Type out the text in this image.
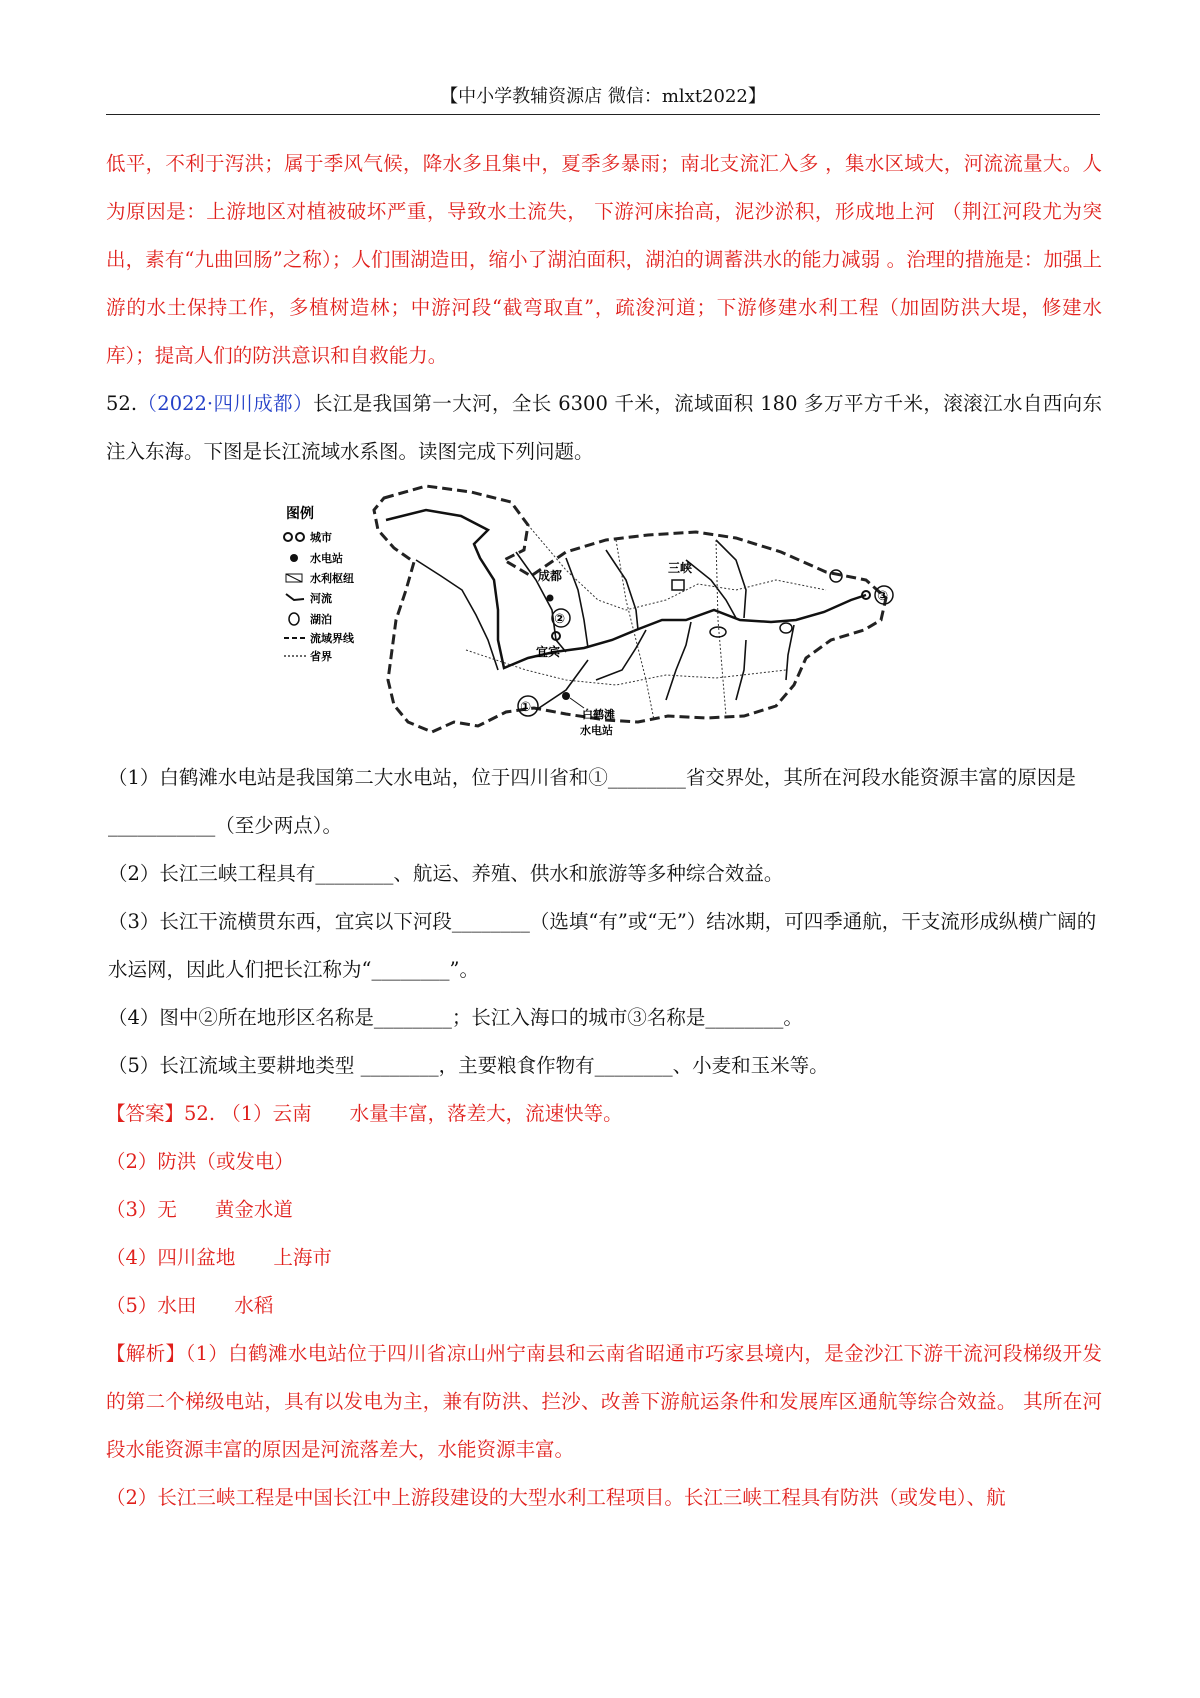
【中小学教辅资源店 微信：mlxt2022】

低平，不利于泻洪；属于季风气候，降水多且集中，夏季多暴雨；南北支流汇入多 ，集水区域大，河流流量大。人为原因是：上游地区对植被破坏严重，导致水土流失， 下游河床抬高，泥沙淤积，形成地上河 （荆江河段尤为突出，素有“九曲回肠”之称）；人们围湖造田，缩小了湖泊面积，湖泊的调蓄洪水的能力减弱 。治理的措施是：加强上游的水土保持工作，多植树造林；中游河段“截弯取直”，疏浚河道；下游修建水利工程（加固防洪大堤，修建水库）；提高人们的防洪意识和自救能力。

52.（2022·四川成都）长江是我国第一大河，全长 6300 千米，流域面积 180 多万平方千米，滚滚江水自西向东注入东海。下图是长江流域水系图。读图完成下列问题。

图例
城市
水电站
水利枢纽
河流
湖泊
流域界线
省界
成都
②
宜宾
三峡
③
①	白鹤滩
水电站

（1）白鹤滩水电站是我国第二大水电站，位于四川省和①________省交界处，其所在河段水能资源丰富的原因是___________（至少两点）。

（2）长江三峡工程具有________、航运、养殖、供水和旅游等多种综合效益。

（3）长江干流横贯东西，宜宾以下河段________（选填“有”或“无”）结冰期，可四季通航，干支流形成纵横广阔的水运网，因此人们把长江称为“________”。

（4）图中②所在地形区名称是________；长江入海口的城市③名称是________。

（5）长江流域主要耕地类型 ________，主要粮食作物有________、小麦和玉米等。

【答案】52. （1）云南 水量丰富，落差大，流速快等。

（2）防洪（或发电）

（3）无 黄金水道

（4）四川盆地 上海市

（5）水田 水稻

【解析】（1）白鹤滩水电站位于四川省凉山州宁南县和云南省昭通市巧家县境内，是金沙江下游干流河段梯级开发的第二个梯级电站，具有以发电为主，兼有防洪、拦沙、改善下游航运条件和发展库区通航等综合效益。 其所在河段水能资源丰富的原因是河流落差大，水能资源丰富。

（2）长江三峡工程是中国长江中上游段建设的大型水利工程项目。长江三峡工程具有防洪（或发电）、航
